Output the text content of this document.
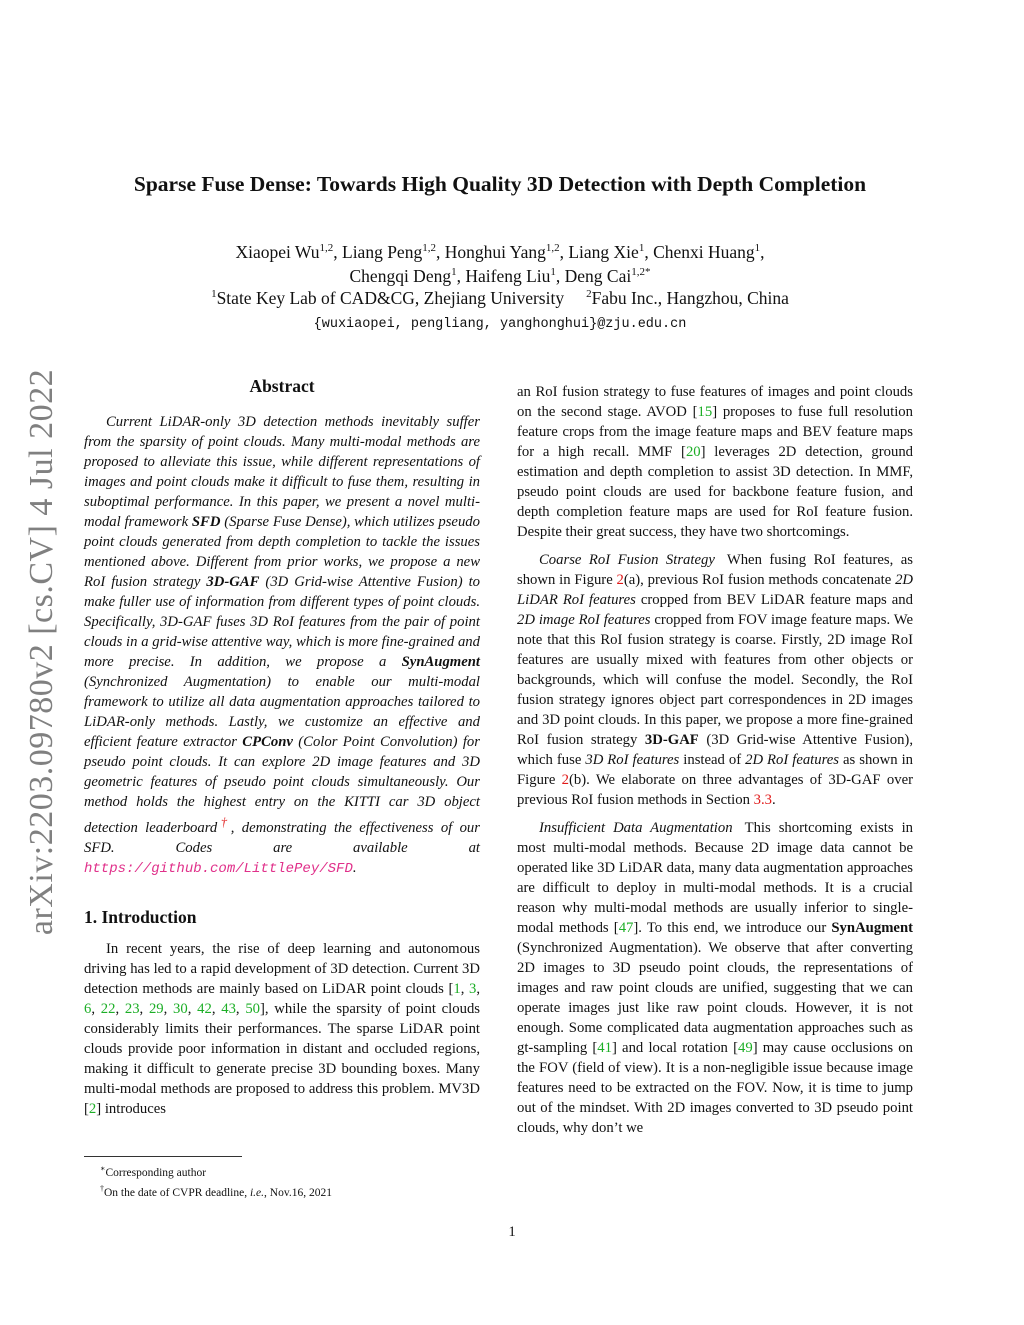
arXiv:2203.09780v2 [cs.CV] 4 Jul 2022
Sparse Fuse Dense: Towards High Quality 3D Detection with Depth Completion
Xiaopei Wu$^{1,2}$, Liang Peng$^{1,2}$, Honghui Yang$^{1,2}$, Liang Xie$^1$, Chenxi Huang$^1$,
Chengqi Deng$^1$, Haifeng Liu$^1$, Deng Cai$^{1,2*}$
$^1$State Key Lab of CAD&CG, Zhejiang University $^2$Fabu Inc., Hangzhou, China
{wuxiaopei, pengliang, yanghonghui}@zju.edu.cn
Abstract

Current LiDAR-only 3D detection methods inevitably suffer from the sparsity of point clouds. Many multi-modal methods are proposed to alleviate this issue, while different representations of images and point clouds make it difficult to fuse them, resulting in suboptimal performance. In this paper, we present a novel multi-modal framework SFD (Sparse Fuse Dense), which utilizes pseudo point clouds generated from depth completion to tackle the issues mentioned above. Different from prior works, we propose a new RoI fusion strategy 3D-GAF (3D Grid-wise Attentive Fusion) to make fuller use of information from different types of point clouds. Specifically, 3D-GAF fuses 3D RoI features from the pair of point clouds in a grid-wise attentive way, which is more fine-grained and more precise. In addition, we propose a SynAugment (Synchronized Augmentation) to enable our multi-modal framework to utilize all data augmentation approaches tailored to LiDAR-only methods. Lastly, we customize an effective and efficient feature extractor CPConv (Color Point Convolution) for pseudo point clouds. It can explore 2D image features and 3D geometric features of pseudo point clouds simultaneously. Our method holds the highest entry on the KITTI car 3D object detection leaderboard†, demonstrating the effectiveness of our SFD. Codes are available at https://github.com/LittlePey/SFD.

1. Introduction

In recent years, the rise of deep learning and autonomous driving has led to a rapid development of 3D detection. Current 3D detection methods are mainly based on LiDAR point clouds [1, 3, 6, 22, 23, 29, 30, 42, 43, 50], while the sparsity of point clouds considerably limits their performances. The sparse LiDAR point clouds provide poor information in distant and occluded regions, making it difficult to generate precise 3D bounding boxes. Many multi-modal methods are proposed to address this problem. MV3D [2] introduces

∗Corresponding author

†On the date of CVPR deadline, i.e., Nov.16, 2021

an RoI fusion strategy to fuse features of images and point clouds on the second stage. AVOD [15] proposes to fuse full resolution feature crops from the image feature maps and BEV feature maps for a high recall. MMF [20] leverages 2D detection, ground estimation and depth completion to assist 3D detection. In MMF, pseudo point clouds are used for backbone feature fusion, and depth completion feature maps are used for RoI feature fusion. Despite their great success, they have two shortcomings.

Coarse RoI Fusion Strategy When fusing RoI features, as shown in Figure 2(a), previous RoI fusion methods concatenate 2D LiDAR RoI features cropped from BEV LiDAR feature maps and 2D image RoI features cropped from FOV image feature maps. We note that this RoI fusion strategy is coarse. Firstly, 2D image RoI features are usually mixed with features from other objects or backgrounds, which will confuse the model. Secondly, the RoI fusion strategy ignores object part correspondences in 2D images and 3D point clouds. In this paper, we propose a more fine-grained RoI fusion strategy 3D-GAF (3D Grid-wise Attentive Fusion), which fuse 3D RoI features instead of 2D RoI features as shown in Figure 2(b). We elaborate on three advantages of 3D-GAF over previous RoI fusion methods in Section 3.3.

Insufficient Data Augmentation This shortcoming exists in most multi-modal methods. Because 2D image data cannot be operated like 3D LiDAR data, many data augmentation approaches are difficult to deploy in multi-modal methods. It is a crucial reason why multi-modal methods are usually inferior to single-modal methods [47]. To this end, we introduce our SynAugment (Synchronized Augmentation). We observe that after converting 2D images to 3D pseudo point clouds, the representations of images and raw point clouds are unified, suggesting that we can operate images just like raw point clouds. However, it is not enough. Some complicated data augmentation approaches such as gt-sampling [41] and local rotation [49] may cause occlusions on the FOV (field of view). It is a non-negligible issue because image features need to be extracted on the FOV. Now, it is time to jump out of the mindset. With 2D images converted to 3D pseudo point clouds, why don’t we

1
